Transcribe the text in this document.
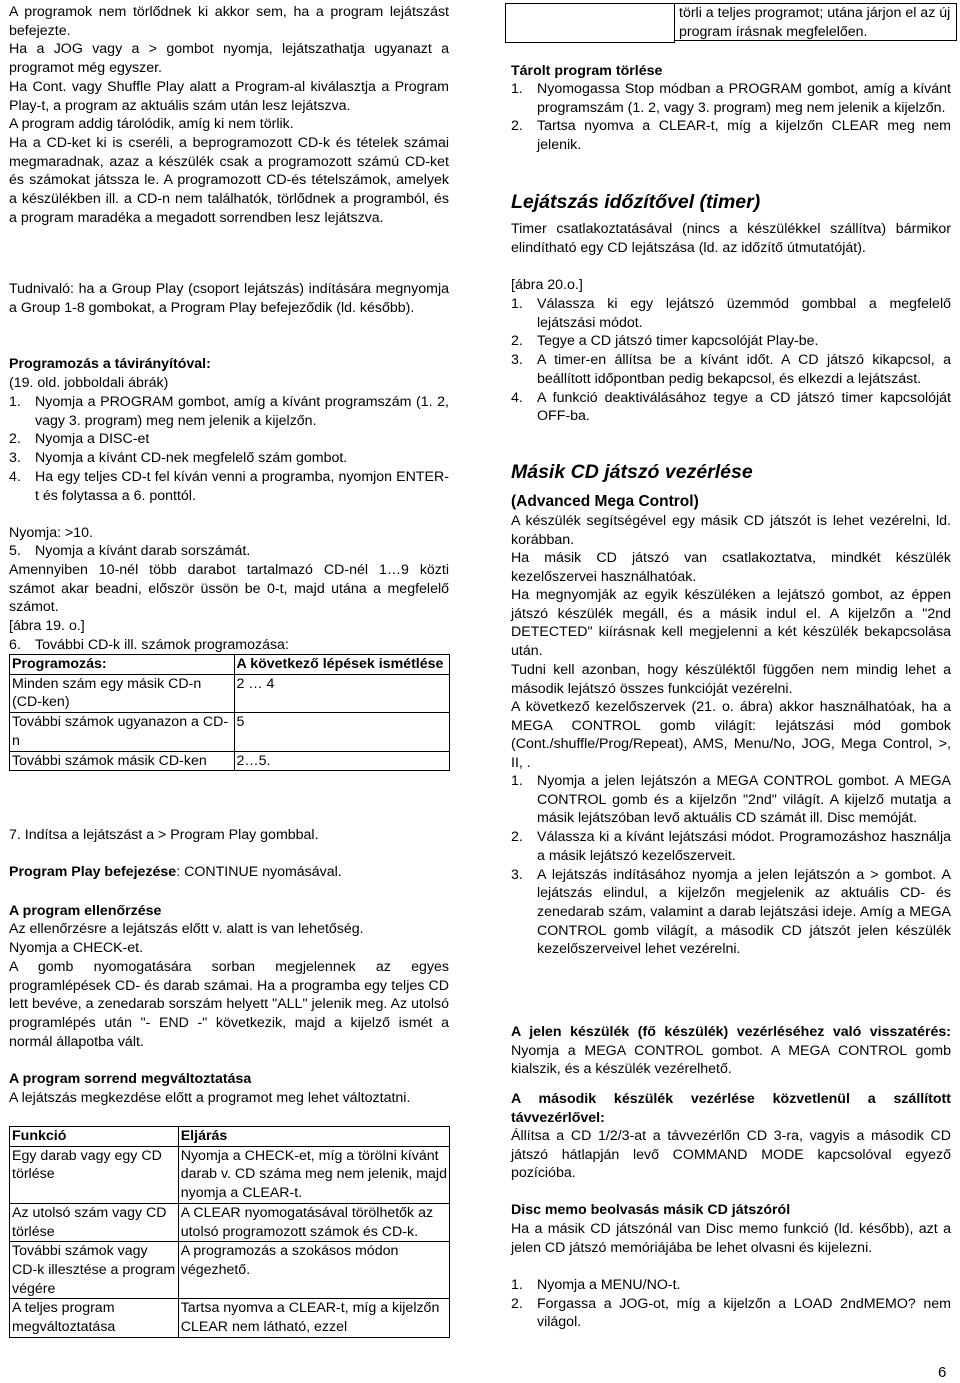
A programok nem törlődnek ki akkor sem, ha a program lejátszást befejezte.
Ha a JOG vagy a > gombot nyomja, lejátszathatja ugyanazt a programot még egyszer.
Ha Cont. vagy Shuffle Play alatt a Program-al kiválasztja a Program Play-t, a program az aktuális szám után lesz lejátszva.
A program addig tárolódik, amíg ki nem törlik.
Ha a CD-ket ki is cseréli, a beprogramozott CD-k és tételek számai megmaradnak, azaz a készülék csak a programozott számú CD-ket és számokat játssza le. A programozott CD-és tételszámok, amelyek a készülékben ill. a CD-n nem találhatók, törlődnek a programból, és a program maradéka a megadott sorrendben lesz lejátszva.
Tudnivaló: ha a Group Play (csoport lejátszás) indítására megnyomja a Group 1-8 gombokat, a Program Play befejeződik (ld. később).
Programozás a távirányítóval:
(19. old. jobboldali ábrák)
1. Nyomja a PROGRAM gombot, amíg a kívánt programszám (1. 2, vagy 3. program) meg nem jelenik a kijelzőn.
2. Nyomja a DISC-et
3. Nyomja a kívánt CD-nek megfelelő szám gombot.
4. Ha egy teljes CD-t fel kíván venni a programba, nyomjon ENTER-t és folytassa a 6. ponttól.
Nyomja: >10.
5. Nyomja a kívánt darab sorszámát.
Amennyiben 10-nél több darabot tartalmazó CD-nél 1…9 közti számot akar beadni, először üssön be 0-t, majd utána a megfelelő számot.
[ábra 19. o.]
6. További CD-k ill. számok programozása:
Programozás:	A következő lépések ismétlése
Minden szám egy másik CD-n (CD-ken)	2 … 4
További számok ugyanazon a CD-n	5
További számok másik CD-ken	2…5.
7. Indítsa a lejátszást a > Program Play gombbal.
Program Play befejezése: CONTINUE nyomásával.
A program ellenőrzése
Az ellenőrzésre a lejátszás előtt v. alatt is van lehetőség.
Nyomja a CHECK-et.
A gomb nyomogatására sorban megjelennek az egyes programlépések CD- és darab számai. Ha a programba egy teljes CD lett bevéve, a zenedarab sorszám helyett "ALL" jelenik meg. Az utolsó programlépés után "- END -" következik, majd a kijelző ismét a normál állapotba vált.
A program sorrend megváltoztatása
A lejátszás megkezdése előtt a programot meg lehet változtatni.
Funkció	Eljárás
Egy darab vagy egy CD törlése	Nyomja a CHECK-et, míg a törölni kívánt darab v. CD száma meg nem jelenik, majd nyomja a CLEAR-t.
Az utolsó szám vagy CD törlése	A CLEAR nyomogatásával törölhetők az utolsó programozott számok és CD-k.
További számok vagy CD-k illesztése a program végére	A programozás a szokásos módon végezhető.
A teljes program megváltoztatása	Tartsa nyomva a CLEAR-t, míg a kijelzőn CLEAR nem látható, ezzel
törli a teljes programot; utána járjon el az új program írásnak megfelelően.
Tárolt program törlése
1. Nyomogassa Stop módban a PROGRAM gombot, amíg a kívánt programszám (1. 2, vagy 3. program) meg nem jelenik a kijelzőn.
2. Tartsa nyomva a CLEAR-t, míg a kijelzőn CLEAR meg nem jelenik.
Lejátszás időzítővel (timer)
Timer csatlakoztatásával (nincs a készülékkel szállítva) bármikor elindítható egy CD lejátszása (ld. az időzítő útmutatóját).
[ábra 20.o.]
1. Válasszа ki egy lejátszó üzemmód gombbal a megfelelő lejátszási módot.
2. Tegye a CD játszó timer kapcsolóját Play-be.
3. A timer-en állítsa be a kívánt időt. A CD játszó kikapcsol, a beállított időpontban pedig bekapcsol, és elkezdi a lejátszást.
4. A funkció deaktiválásához tegye a CD játszó timer kapcsolóját OFF-ba.
Másik CD játszó vezérlése
(Advanced Mega Control)
A készülék segítségével egy másik CD játszót is lehet vezérelni, ld. korábban.
Ha másik CD játszó van csatlakoztatva, mindkét készülék kezelőszervei használhatóak.
Ha megnyomják az egyik készüléken a lejátszó gombot, az éppen játszó készülék megáll, és a másik indul el. A kijelzőn a "2nd DETECTED" kiírásnak kell megjelenni a két készülék bekapcsolása után.
Tudni kell azonban, hogy készüléktől függően nem mindig lehet a második lejátszó összes funkcióját vezérelni.
A következő kezelőszervek (21. o. ábra) akkor használhatóak, ha a MEGA CONTROL gomb világít: lejátszási mód gombok (Cont./shuffle/Prog/Repeat), AMS, Menu/No, JOG, Mega Control, >, II, .
1. Nyomja a jelen lejátszón a MEGA CONTROL gombot. A MEGA CONTROL gomb és a kijelzőn "2nd" világít. A kijelző mutatja a másik lejátszóban levő aktuális CD számát ill. Disc memóját.
2. Válasszа ki a kívánt lejátszási módot. Programozáshoz használja a másik lejátszó kezelőszerveit.
3. A lejátszás indításához nyomja a jelen lejátszón a > gombot. A lejátszás elindul, a kijelzőn megjelenik az aktuális CD- és zenedarab szám, valamint a darab lejátszási ideje. Amíg a MEGA CONTROL gomb világít, a második CD játszót jelen készülék kezelőszerveivel lehet vezérelni.
A jelen készülék (fő készülék) vezérléséhez való visszatérés: Nyomja a MEGA CONTROL gombot. A MEGA CONTROL gomb kialszik, és a készülék vezérelhető.
A második készülék vezérlése közvetlenül a szállított távvezérlővel:
Állítsa a CD 1/2/3-at a távvezérlőn CD 3-ra, vagyis a második CD játszó hátlapján levő COMMAND MODE kapcsolóval egyező pozícióba.
Disc memo beolvasás másik CD játszóról
Ha a másik CD játszónál van Disc memo funkció (ld. később), azt a jelen CD játszó memóriájába be lehet olvasni és kijelezni.
1. Nyomja a MENU/NO-t.
2. Forgassa a JOG-ot, míg a kijelzőn a LOAD 2ndMEMO? nem világol.
6
